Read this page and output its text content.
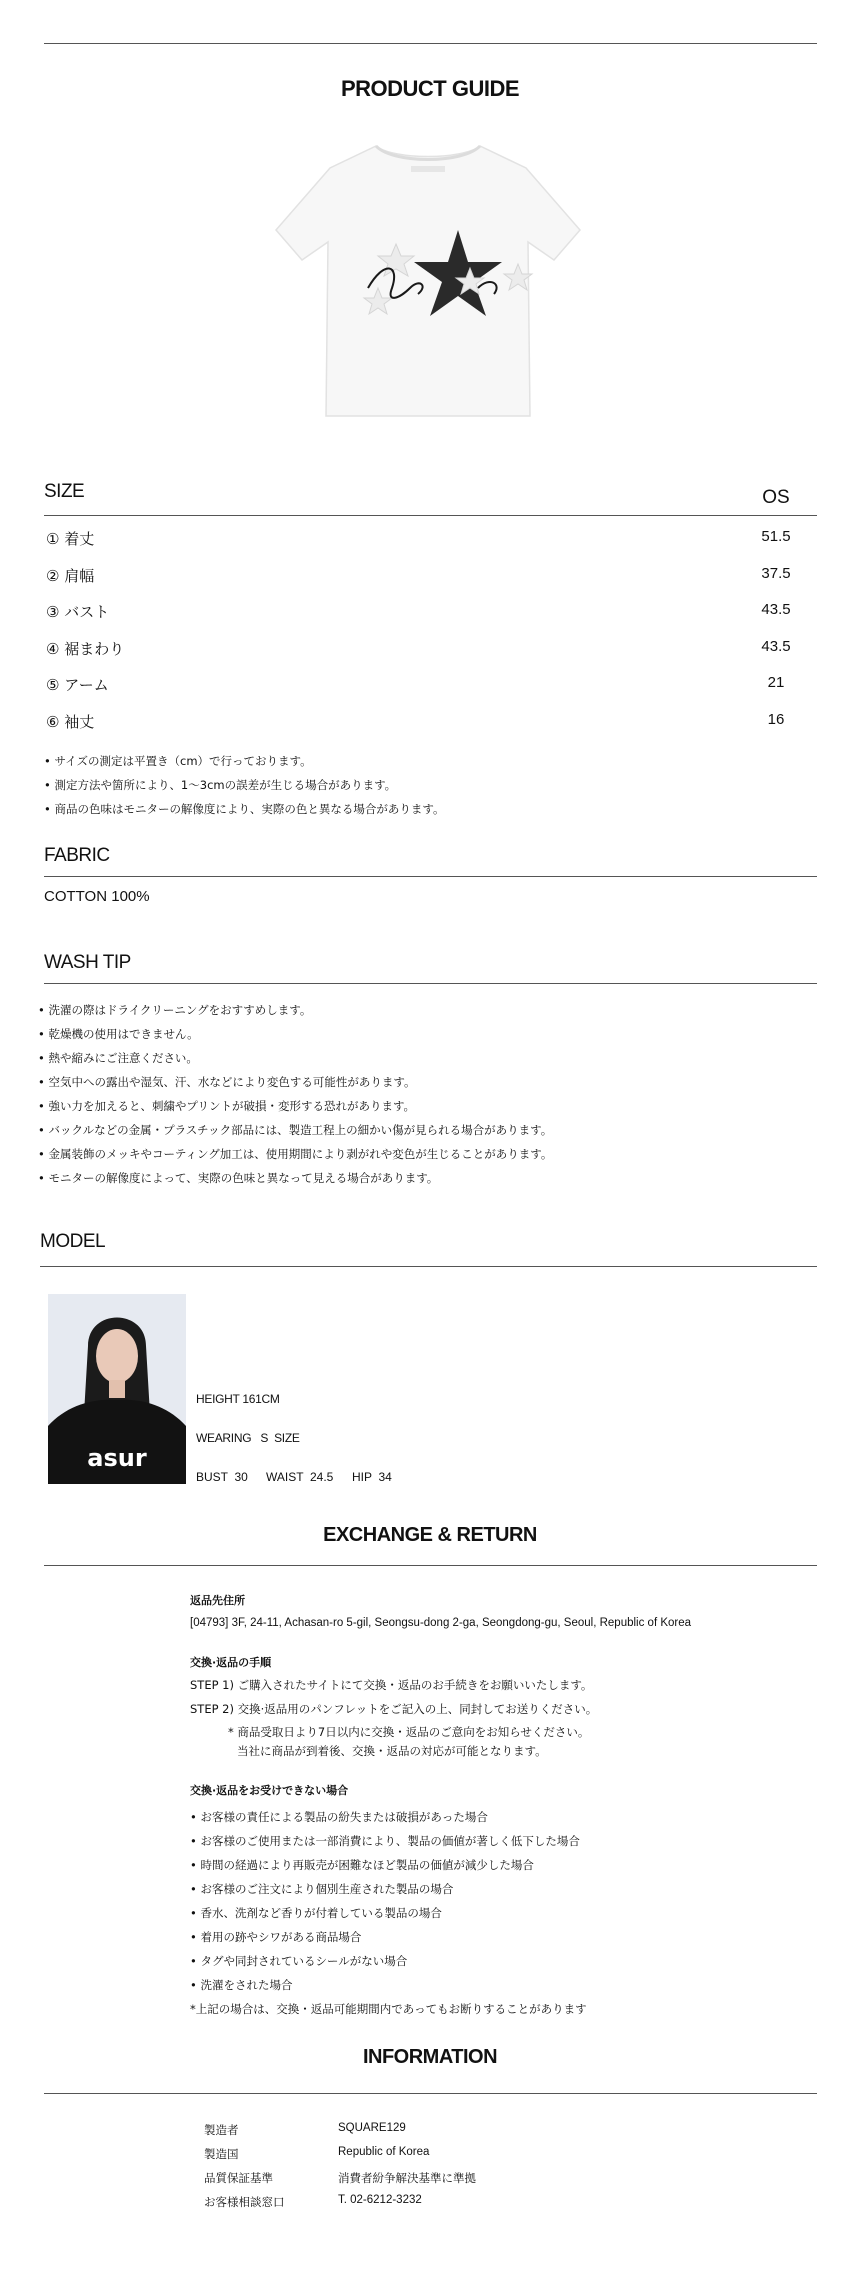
PRODUCT GUIDE
SIZE	OS
① 着丈	51.5
② 肩幅	37.5
③ バスト	43.5
④ 裾まわり	43.5
⑤ アーム	21
⑥ 袖丈	16
• サイズの測定は平置き（cm）で行っております。
• 測定方法や箇所により、1〜3cmの誤差が生じる場合があります。
• 商品の色味はモニターの解像度により、実際の色と異なる場合があります。
FABRIC
COTTON 100%
WASH TIP
• 洗濯の際はドライクリーニングをおすすめします。
• 乾燥機の使用はできません。
• 熱や縮みにご注意ください。
• 空気中への露出や湿気、汗、水などにより変色する可能性があります。
• 強い力を加えると、刺繍やプリントが破損・変形する恐れがあります。
• バックルなどの金属・プラスチック部品には、製造工程上の細かい傷が見られる場合があります。
• 金属装飾のメッキやコーティング加工は、使用期間により剥がれや変色が生じることがあります。
• モニターの解像度によって、実際の色味と異なって見える場合があります。
MODEL
asur
HEIGHT 161CM
WEARING   S  SIZE
BUST  30 WAIST  24.5 HIP  34
EXCHANGE & RETURN
返品先住所
[04793] 3F, 24-11, Achasan-ro 5-gil, Seongsu-dong 2-ga, Seongdong-gu, Seoul, Republic of Korea
交換·返品の手順
STEP 1) ご購入されたサイトにて交換・返品のお手続きをお願いいたします。
STEP 2) 交換·返品用のパンフレットをご記入の上、同封してお送りください。
* 商品受取日より7日以内に交換・返品のご意向をお知らせください。
当社に商品が到着後、交換・返品の対応が可能となります。
交換·返品をお受けできない場合
• お客様の責任による製品の紛失または破損があった場合
• お客様のご使用または一部消費により、製品の価値が著しく低下した場合
• 時間の経過により再販売が困難なほど製品の価値が減少した場合
• お客様のご注文により個別生産された製品の場合
• 香水、洗剤など香りが付着している製品の場合
• 着用の跡やシワがある商品場合
• タグや同封されているシールがない場合
• 洗濯をされた場合
*上記の場合は、交換・返品可能期間内であってもお断りすることがあります
INFORMATION
製造者	SQUARE129
製造国	Republic of Korea
品質保証基準	消費者紛争解決基準に準拠
お客様相談窓口	T. 02-6212-3232
